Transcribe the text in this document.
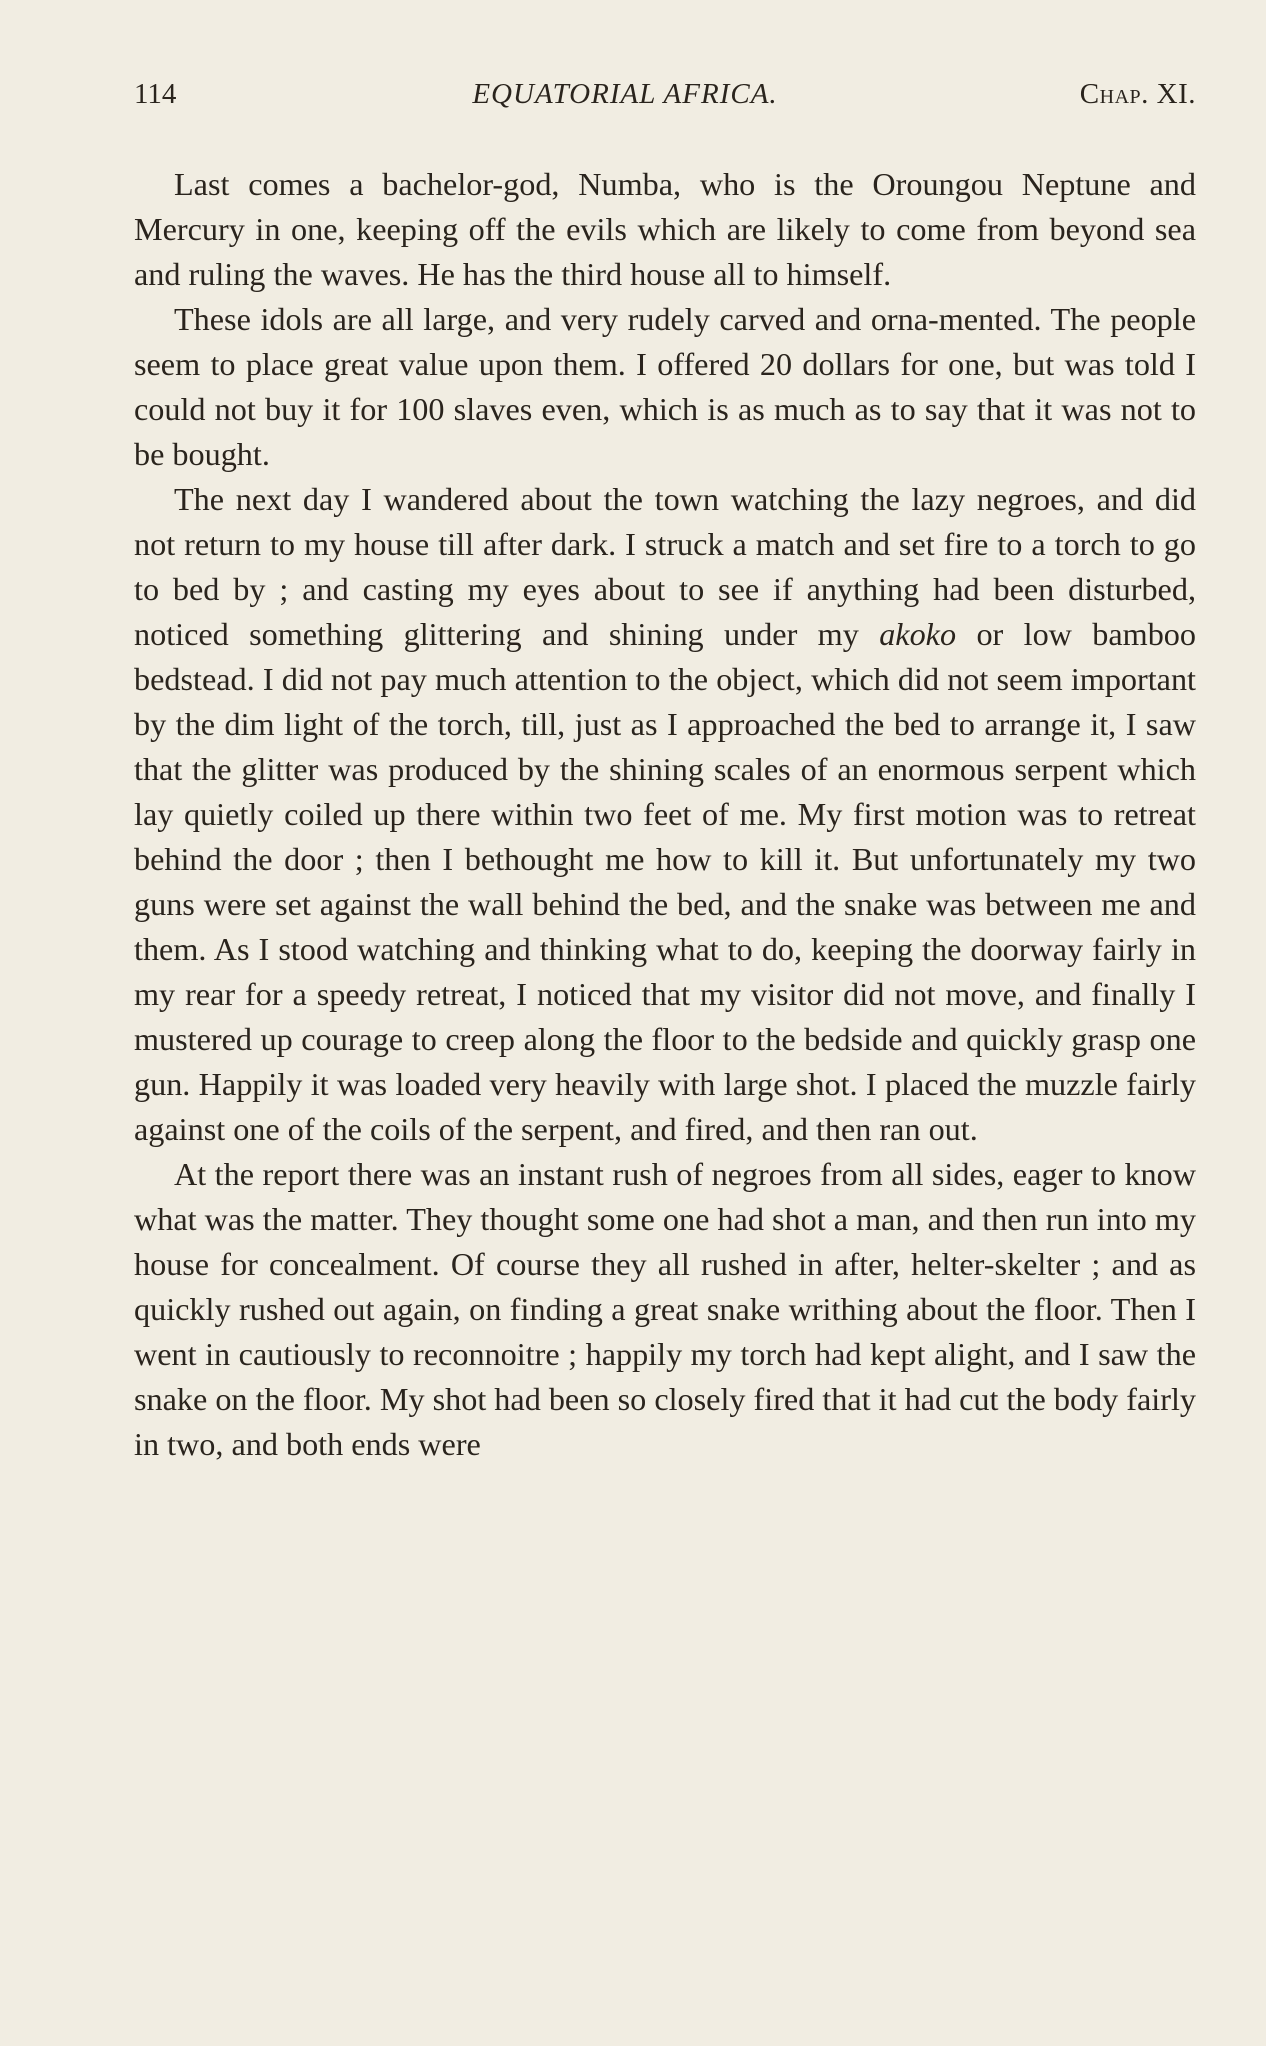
114	EQUATORIAL AFRICA.	Chap. XI.

Last comes a bachelor-god, Numba, who is the Oroungou Neptune and Mercury in one, keeping off the evils which are likely to come from beyond sea and ruling the waves. He has the third house all to himself.

These idols are all large, and very rudely carved and orna-mented. The people seem to place great value upon them. I offered 20 dollars for one, but was told I could not buy it for 100 slaves even, which is as much as to say that it was not to be bought.

The next day I wandered about the town watching the lazy negroes, and did not return to my house till after dark. I struck a match and set fire to a torch to go to bed by ; and casting my eyes about to see if anything had been disturbed, noticed something glittering and shining under my akoko or low bamboo bedstead. I did not pay much attention to the object, which did not seem important by the dim light of the torch, till, just as I approached the bed to arrange it, I saw that the glitter was produced by the shining scales of an enormous serpent which lay quietly coiled up there within two feet of me. My first motion was to retreat behind the door ; then I bethought me how to kill it. But unfortunately my two guns were set against the wall behind the bed, and the snake was between me and them. As I stood watching and thinking what to do, keeping the doorway fairly in my rear for a speedy retreat, I noticed that my visitor did not move, and finally I mustered up courage to creep along the floor to the bedside and quickly grasp one gun. Happily it was loaded very heavily with large shot. I placed the muzzle fairly against one of the coils of the serpent, and fired, and then ran out.

At the report there was an instant rush of negroes from all sides, eager to know what was the matter. They thought some one had shot a man, and then run into my house for concealment. Of course they all rushed in after, helter-skelter ; and as quickly rushed out again, on finding a great snake writhing about the floor. Then I went in cautiously to reconnoitre ; happily my torch had kept alight, and I saw the snake on the floor. My shot had been so closely fired that it had cut the body fairly in two, and both ends were
